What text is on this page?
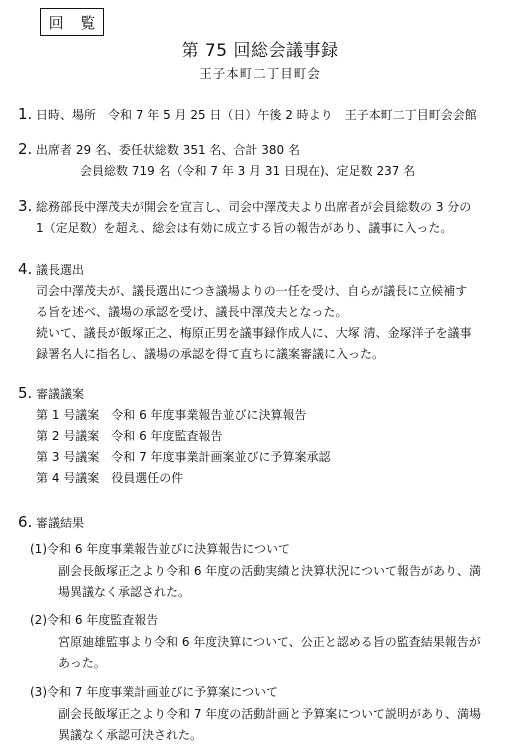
回 覧
第 75 回総会議事録
王子本町二丁目町会
1. 日時、場所　令和 7 年 5 月 25 日（日）午後 2 時より　王子本町二丁目町会会館
2. 出席者 29 名、委任状総数 351 名、合計 380 名
会員総数 719 名（令和 7 年 3 月 31 日現在)、定足数 237 名
3. 総務部長中澤茂夫が開会を宣言し、司会中澤茂夫より出席者が会員総数の 3 分の
1（定足数）を超え、総会は有効に成立する旨の報告があり、議事に入った。
4. 議長選出
司会中澤茂夫が、議長選出につき議場よりの一任を受け、自らが議長に立候補す
る旨を述べ、議場の承認を受け、議長中澤茂夫となった。
続いて、議長が飯塚正之、梅原正男を議事録作成人に、大塚 清、金塚洋子を議事
録署名人に指名し、議場の承認を得て直ちに議案審議に入った。
5. 審議議案
第 1 号議案　令和 6 年度事業報告並びに決算報告
第 2 号議案　令和 6 年度監査報告
第 3 号議案　令和 7 年度事業計画案並びに予算案承認
第 4 号議案　役員選任の件
6. 審議結果
(1)令和 6 年度事業報告並びに決算報告について
副会長飯塚正之より令和 6 年度の活動実績と決算状況について報告があり、満
場異議なく承認された。
(2)令和 6 年度監査報告
宮原廸雄監事より令和 6 年度決算について、公正と認める旨の監査結果報告が
あった。
(3)令和 7 年度事業計画並びに予算案について
副会長飯塚正之より令和 7 年度の活動計画と予算案について説明があり、満場
異議なく承認可決された。
